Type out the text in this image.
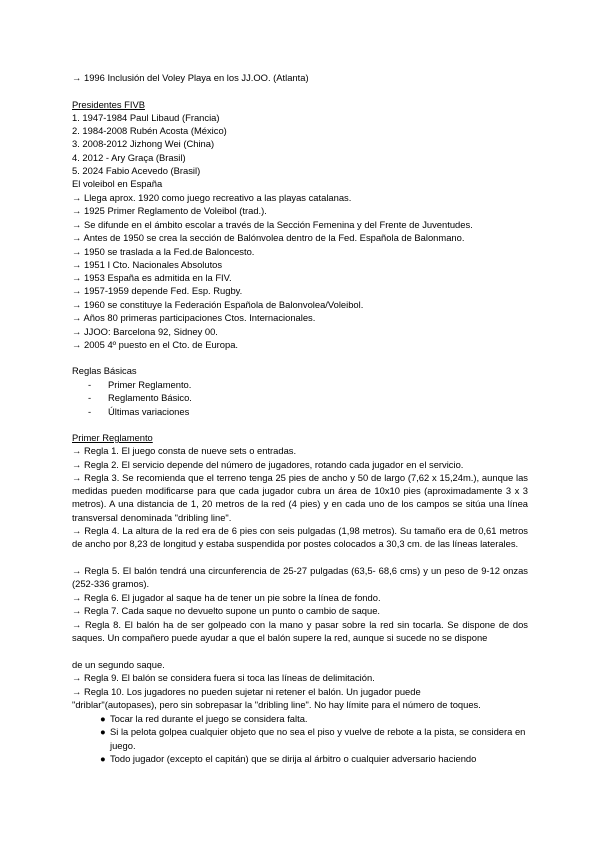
→ 1996 Inclusión del Voley Playa en los JJ.OO. (Atlanta)
Presidentes FIVB
1. 1947-1984 Paul Libaud (Francia)
2. 1984-2008 Rubén Acosta (México)
3. 2008-2012 Jizhong Wei (China)
4. 2012 - Ary Graça (Brasil)
5. 2024 Fabio Acevedo (Brasil)
El voleibol en España
→ Llega aprox. 1920 como juego recreativo a las playas catalanas.
→ 1925 Primer Reglamento de Voleibol (trad.).
→ Se difunde en el ámbito escolar a través de la Sección Femenina y del Frente de Juventudes.
→ Antes de 1950 se crea la sección de Balónvolea dentro de la Fed. Española de Balonmano.
→ 1950 se traslada a la Fed.de Baloncesto.
→ 1951 I Cto. Nacionales Absolutos
→ 1953 España es admitida en la FIV.
→ 1957-1959 depende Fed. Esp. Rugby.
→ 1960 se constituye la Federación Española de Balonvolea/Voleibol.
→ Años 80 primeras participaciones Ctos. Internacionales.
→ JJOO: Barcelona 92, Sidney 00.
→ 2005 4º puesto en el Cto. de Europa.
Reglas Básicas
- Primer Reglamento.
- Reglamento Básico.
- Últimas variaciones
Primer Reglamento
→ Regla 1. El juego consta de nueve sets o entradas.
→ Regla 2. El servicio depende del número de jugadores, rotando cada jugador en el servicio.
→ Regla 3. Se recomienda que el terreno tenga 25 pies de ancho y 50 de largo (7,62 x 15,24m.), aunque las medidas pueden modificarse para que cada jugador cubra un área de 10x10 pies (aproximadamente 3 x 3 metros). A una distancia de 1, 20 metros de la red (4 pies) y en cada uno de los campos se sitúa una línea transversal denominada "dribling line".
→ Regla 4. La altura de la red era de 6 pies con seis pulgadas (1,98 metros). Su tamaño era de 0,61 metros de ancho por 8,23 de longitud y estaba suspendida por postes colocados a 30,3 cm. de las líneas laterales.
→ Regla 5. El balón tendrá una circunferencia de 25-27 pulgadas (63,5- 68,6 cms) y un peso de 9-12 onzas (252-336 gramos).
→ Regla 6. El jugador al saque ha de tener un pie sobre la línea de fondo.
→ Regla 7. Cada saque no devuelto supone un punto o cambio de saque.
→ Regla 8. El balón ha de ser golpeado con la mano y pasar sobre la red sin tocarla. Se dispone de dos saques. Un compañero puede ayudar a que el balón supere la red, aunque si sucede no se dispone
de un segundo saque.
→ Regla 9. El balón se considera fuera si toca las líneas de delimitación.
→ Regla 10. Los jugadores no pueden sujetar ni retener el balón. Un jugador puede
"driblar"(autopases), pero sin sobrepasar la "dribling line". No hay límite para el número de toques.
● Tocar la red durante el juego se considera falta.
● Si la pelota golpea cualquier objeto que no sea el piso y vuelve de rebote a la pista, se considera en juego.
● Todo jugador (excepto el capitán) que se dirija al árbitro o cualquier adversario haciendo
